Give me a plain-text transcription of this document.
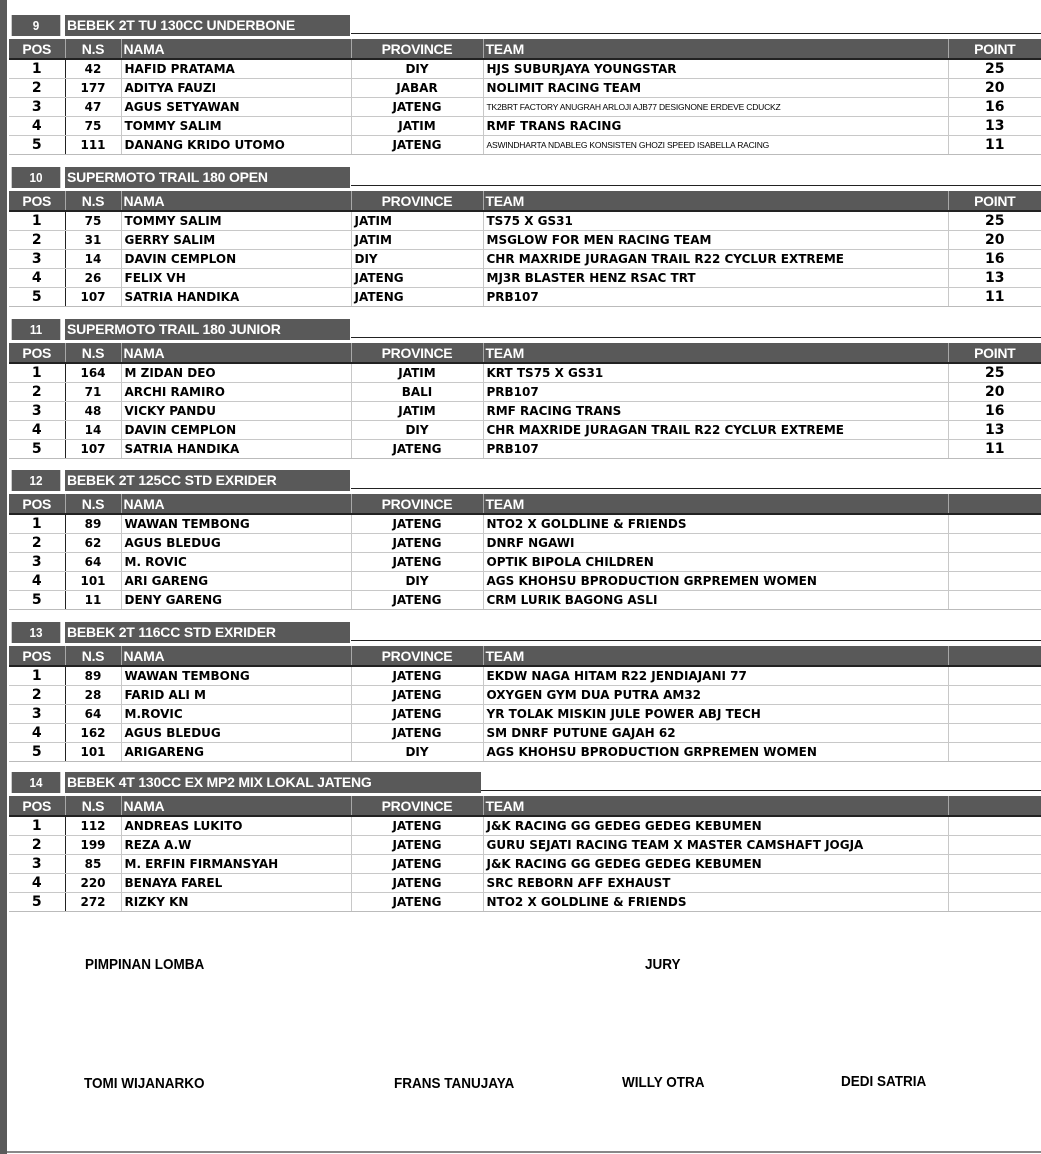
9	BEBEK 2T TU 130CC UNDERBONE
POS	N.S	NAMA	PROVINCE	TEAM	POINT
1	42	HAFID PRATAMA	DIY	HJS SUBURJAYA YOUNGSTAR	25
2	177	ADITYA FAUZI	JABAR	NOLIMIT RACING TEAM	20
3	47	AGUS SETYAWAN	JATENG	TK2BRT FACTORY ANUGRAH ARLOJI AJB77 DESIGNONE ERDEVE CDUCKZ	16
4	75	TOMMY SALIM	JATIM	RMF TRANS RACING	13
5	111	DANANG KRIDO UTOMO	JATENG	ASWINDHARTA NDABLEG KONSISTEN GHOZI SPEED ISABELLA RACING	11
10	SUPERMOTO TRAIL 180 OPEN
POS	N.S	NAMA	PROVINCE	TEAM	POINT
1	75	TOMMY SALIM	JATIM	TS75 X GS31	25
2	31	GERRY SALIM	JATIM	MSGLOW FOR MEN RACING TEAM	20
3	14	DAVIN CEMPLON	DIY	CHR MAXRIDE JURAGAN TRAIL R22 CYCLUR EXTREME	16
4	26	FELIX VH	JATENG	MJ3R BLASTER HENZ RSAC TRT	13
5	107	SATRIA HANDIKA	JATENG	PRB107	11
11	SUPERMOTO TRAIL 180 JUNIOR
POS	N.S	NAMA	PROVINCE	TEAM	POINT
1	164	M ZIDAN DEO	JATIM	KRT TS75 X GS31	25
2	71	ARCHI RAMIRO	BALI	PRB107	20
3	48	VICKY PANDU	JATIM	RMF RACING TRANS	16
4	14	DAVIN CEMPLON	DIY	CHR MAXRIDE JURAGAN TRAIL R22 CYCLUR EXTREME	13
5	107	SATRIA HANDIKA	JATENG	PRB107	11
12	BEBEK 2T 125CC STD EXRIDER
POS	N.S	NAMA	PROVINCE	TEAM	
1	89	WAWAN TEMBONG	JATENG	NTO2 X GOLDLINE & FRIENDS	
2	62	AGUS BLEDUG	JATENG	DNRF NGAWI	
3	64	M. ROVIC	JATENG	OPTIK BIPOLA CHILDREN	
4	101	ARI GARENG	DIY	AGS KHOHSU BPRODUCTION GRPREMEN WOMEN	
5	11	DENY GARENG	JATENG	CRM LURIK BAGONG ASLI	
13	BEBEK 2T 116CC STD EXRIDER
POS	N.S	NAMA	PROVINCE	TEAM	
1	89	WAWAN TEMBONG	JATENG	EKDW NAGA HITAM R22 JENDIAJANI 77	
2	28	FARID ALI M	JATENG	OXYGEN GYM DUA PUTRA AM32	
3	64	M.ROVIC	JATENG	YR TOLAK MISKIN JULE POWER ABJ TECH	
4	162	AGUS BLEDUG	JATENG	SM DNRF PUTUNE GAJAH 62	
5	101	ARIGARENG	DIY	AGS KHOHSU BPRODUCTION GRPREMEN WOMEN	
14	BEBEK 4T 130CC EX MP2 MIX LOKAL JATENG
POS	N.S	NAMA	PROVINCE	TEAM	
1	112	ANDREAS LUKITO	JATENG	J&K RACING GG GEDEG GEDEG KEBUMEN	
2	199	REZA A.W	JATENG	GURU SEJATI RACING TEAM X MASTER CAMSHAFT JOGJA	
3	85	M. ERFIN FIRMANSYAH	JATENG	J&K RACING GG GEDEG GEDEG KEBUMEN	
4	220	BENAYA FAREL	JATENG	SRC REBORN AFF EXHAUST	
5	272	RIZKY KN	JATENG	NTO2 X GOLDLINE & FRIENDS	
PIMPINAN LOMBA	JURY
TOMI WIJANARKO	FRANS TANUJAYA	WILLY OTRA	DEDI SATRIA
